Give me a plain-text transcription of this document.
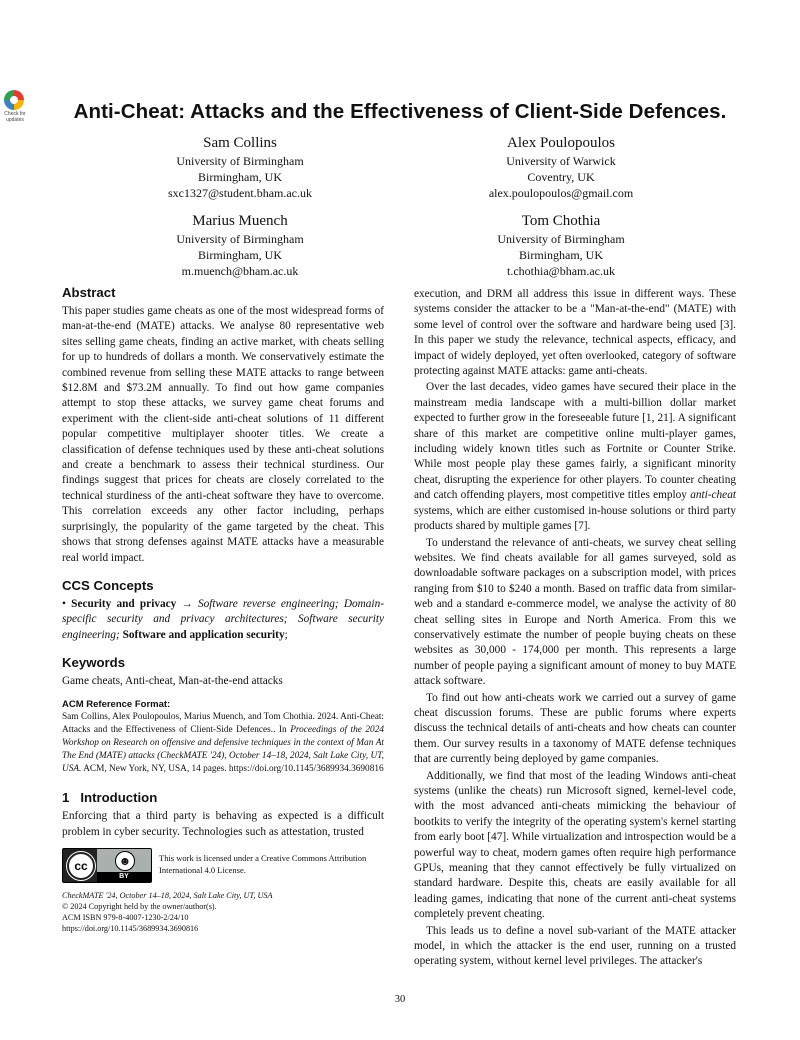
Check for updates	Anti-Cheat: Attacks and the Effectiveness of Client-Side Defences.
Sam Collins
University of Birmingham
Birmingham, UK
sxc1327@student.bham.ac.uk
Alex Poulopoulos
University of Warwick
Coventry, UK
alex.poulopoulos@gmail.com
Marius Muench
University of Birmingham
Birmingham, UK
m.muench@bham.ac.uk
Tom Chothia
University of Birmingham
Birmingham, UK
t.chothia@bham.ac.uk
Abstract

This paper studies game cheats as one of the most widespread forms of man-at-the-end (MATE) attacks. We analyse 80 representative web sites selling game cheats, finding an active market, with cheats selling for up to hundreds of dollars a month. We conservatively estimate the combined revenue from selling these MATE attacks to range between $12.8M and $73.2M annually. To find out how game companies attempt to stop these attacks, we survey game cheat forums and experiment with the client-side anti-cheat solutions of 11 different popular competitive multiplayer shooter titles. We create a classification of defense techniques used by these anti-cheat solutions and create a benchmark to assess their technical sturdiness. Our findings suggest that prices for cheats are closely correlated to the technical sturdiness of the anti-cheat software they have to overcome. This correlation exceeds any other factor including, perhaps surprisingly, the popularity of the game targeted by the cheat. This shows that strong defenses against MATE attacks have a measurable real world impact.

CCS Concepts

• Security and privacy → Software reverse engineering; Domain-specific security and privacy architectures; Software security engineering; Software and application security;

Keywords

Game cheats, Anti-cheat, Man-at-the-end attacks

ACM Reference Format:
Sam Collins, Alex Poulopoulos, Marius Muench, and Tom Chothia. 2024. Anti-Cheat: Attacks and the Effectiveness of Client-Side Defences.. In Proceedings of the 2024 Workshop on Research on offensive and defensive techniques in the context of Man At The End (MATE) attacks (CheckMATE '24), October 14–18, 2024, Salt Lake City, UT, USA. ACM, New York, NY, USA, 14 pages. https://doi.org/10.1145/3689934.3690816
1 Introduction

Enforcing that a third party is behaving as expected is a difficult problem in cyber security. Technologies such as attestation, trusted

cc	☻
BY
This work is licensed under a Creative Commons Attribution International 4.0 License.
CheckMATE '24, October 14–18, 2024, Salt Lake City, UT, USA
© 2024 Copyright held by the owner/author(s).
ACM ISBN 979-8-4007-1230-2/24/10
https://doi.org/10.1145/3689934.3690816

execution, and DRM all address this issue in different ways. These systems consider the attacker to be a "Man-at-the-end" (MATE) with some level of control over the software and hardware being used [3]. In this paper we study the relevance, technical aspects, efficacy, and impact of widely deployed, yet often overlooked, category of software protecting against MATE attacks: game anti-cheats.

Over the last decades, video games have secured their place in the mainstream media landscape with a multi-billion dollar market expected to further grow in the foreseeable future [1, 21]. A significant share of this market are competitive online multi-player games, including widely known titles such as Fortnite or Counter Strike. While most people play these games fairly, a significant minority cheat, disrupting the experience for other players. To counter cheating and catch offending players, most competitive titles employ anti-cheat systems, which are either customised in-house solutions or third party products shared by multiple games [7].

To understand the relevance of anti-cheats, we survey cheat selling websites. We find cheats available for all games surveyed, sold as downloadable software packages on a subscription model, with prices ranging from $10 to $240 a month. Based on traffic data from similar-web and a standard e-commerce model, we analyse the activity of 80 cheat selling sites in Europe and North America. From this we conservatively estimate the number of people buying cheats on these websites as 30,000 - 174,000 per month. This represents a large number of people paying a significant amount of money to buy MATE attack software.

To find out how anti-cheats work we carried out a survey of game cheat discussion forums. These are public forums where experts discuss the technical details of anti-cheats and how cheats can counter them. Our survey results in a taxonomy of MATE defense techniques that are currently being deployed by game companies.

Additionally, we find that most of the leading Windows anti-cheat systems (unlike the cheats) run Microsoft signed, kernel-level code, with the most advanced anti-cheats mimicking the behaviour of bootkits to verify the integrity of the operating system's kernel starting from early boot [47]. While virtualization and introspection would be a powerful way to cheat, modern games often require high performance GPUs, meaning that they cannot effectively be fully virtualized on standard hardware. Despite this, cheats are easily available for all leading games, indicating that none of the current anti-cheat systems completely prevent cheating.

This leads us to define a novel sub-variant of the MATE attacker model, in which the attacker is the end user, running on a trusted operating system, without kernel level privileges. The attacker's

30
